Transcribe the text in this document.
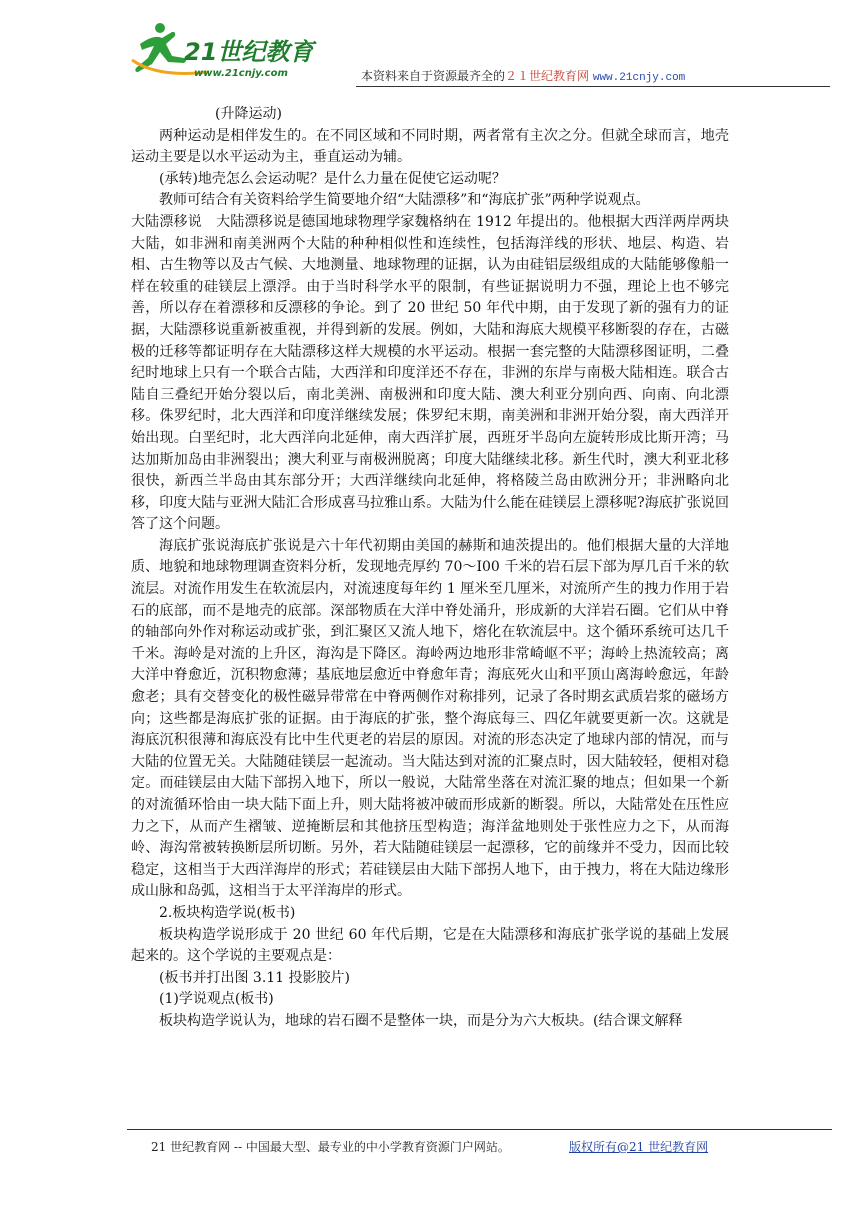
21世纪教育
www.21cnjy.com	本资料来自于资源最齐全的２１世纪教育网 www.21cnjy.com

(升降运动)

两种运动是相伴发生的。在不同区域和不同时期，两者常有主次之分。但就全球而言，地壳运动主要是以水平运动为主，垂直运动为辅。

(承转)地壳怎么会运动呢？是什么力量在促使它运动呢？

教师可结合有关资料给学生简要地介绍“大陆漂移”和“海底扩张”两种学说观点。

大陆漂移说　大陆漂移说是德国地球物理学家魏格纳在 1912 年提出的。他根据大西洋两岸两块大陆，如非洲和南美洲两个大陆的种种相似性和连续性，包括海洋线的形状、地层、构造、岩相、古生物等以及古气候、大地测量、地球物理的证据，认为由硅铝层级组成的大陆能够像船一样在较重的硅镁层上漂浮。由于当时科学水平的限制，有些证据说明力不强，理论上也不够完善，所以存在着漂移和反漂移的争论。到了 20 世纪 50 年代中期，由于发现了新的强有力的证据，大陆漂移说重新被重视，并得到新的发展。例如，大陆和海底大规模平移断裂的存在，古磁极的迁移等都证明存在大陆漂移这样大规模的水平运动。根据一套完整的大陆漂移图证明，二叠纪时地球上只有一个联合古陆，大西洋和印度洋还不存在，非洲的东岸与南极大陆相连。联合古陆自三叠纪开始分裂以后，南北美洲、南极洲和印度大陆、澳大利亚分别向西、向南、向北漂移。侏罗纪时，北大西洋和印度洋继续发展；侏罗纪末期，南美洲和非洲开始分裂，南大西洋开始出现。白垩纪时，北大西洋向北延伸，南大西洋扩展，西班牙半岛向左旋转形成比斯开湾；马达加斯加岛由非洲裂出；澳大利亚与南极洲脱离；印度大陆继续北移。新生代时，澳大利亚北移很快，新西兰半岛由其东部分开；大西洋继续向北延伸，将格陵兰岛由欧洲分开；非洲略向北移，印度大陆与亚洲大陆汇合形成喜马拉雅山系。大陆为什么能在硅镁层上漂移呢?海底扩张说回答了这个问题。

海底扩张说海底扩张说是六十年代初期由美国的赫斯和迪茨提出的。他们根据大量的大洋地质、地貌和地球物理调查资料分析，发现地壳厚约 70～I00 千米的岩石层下部为厚几百千米的软流层。对流作用发生在软流层内，对流速度每年约 1 厘米至几厘米，对流所产生的拽力作用于岩石的底部，而不是地壳的底部。深部物质在大洋中脊处涌升，形成新的大洋岩石圈。它们从中脊的轴部向外作对称运动或扩张，到汇聚区又流人地下，熔化在软流层中。这个循环系统可达几千千米。海岭是对流的上升区，海沟是下降区。海岭两边地形非常崎岖不平；海岭上热流较高；离大洋中脊愈近，沉积物愈薄；基底地层愈近中脊愈年青；海底死火山和平顶山离海岭愈远，年龄愈老；具有交替变化的极性磁异带常在中脊两侧作对称排列，记录了各时期玄武质岩浆的磁场方向；这些都是海底扩张的证据。由于海底的扩张，整个海底每三、四亿年就要更新一次。这就是海底沉积很薄和海底没有比中生代更老的岩层的原因。对流的形态决定了地球内部的情况，而与大陆的位置无关。大陆随硅镁层一起流动。当大陆达到对流的汇聚点时，因大陆较轻，便相对稳定。而硅镁层由大陆下部拐入地下，所以一般说，大陆常坐落在对流汇聚的地点；但如果一个新的对流循环恰由一块大陆下面上升，则大陆将被冲破而形成新的断裂。所以，大陆常处在压性应力之下，从而产生褶皱、逆掩断层和其他挤压型构造；海洋盆地则处于张性应力之下，从而海岭、海沟常被转换断层所切断。另外，若大陆随硅镁层一起漂移，它的前缘并不受力，因而比较稳定，这相当于大西洋海岸的形式；若硅镁层由大陆下部拐人地下，由于拽力，将在大陆边缘形成山脉和岛弧，这相当于太平洋海岸的形式。

2.板块构造学说(板书)

板块构造学说形成于 20 世纪 60 年代后期，它是在大陆漂移和海底扩张学说的基础上发展起来的。这个学说的主要观点是：

(板书并打出图 3.11 投影胶片)

(1)学说观点(板书)

板块构造学说认为，地球的岩石圈不是整体一块，而是分为六大板块。(结合课文解释

21 世纪教育网 -- 中国最大型、最专业的中小学教育资源门户网站。	版权所有@21 世纪教育网
